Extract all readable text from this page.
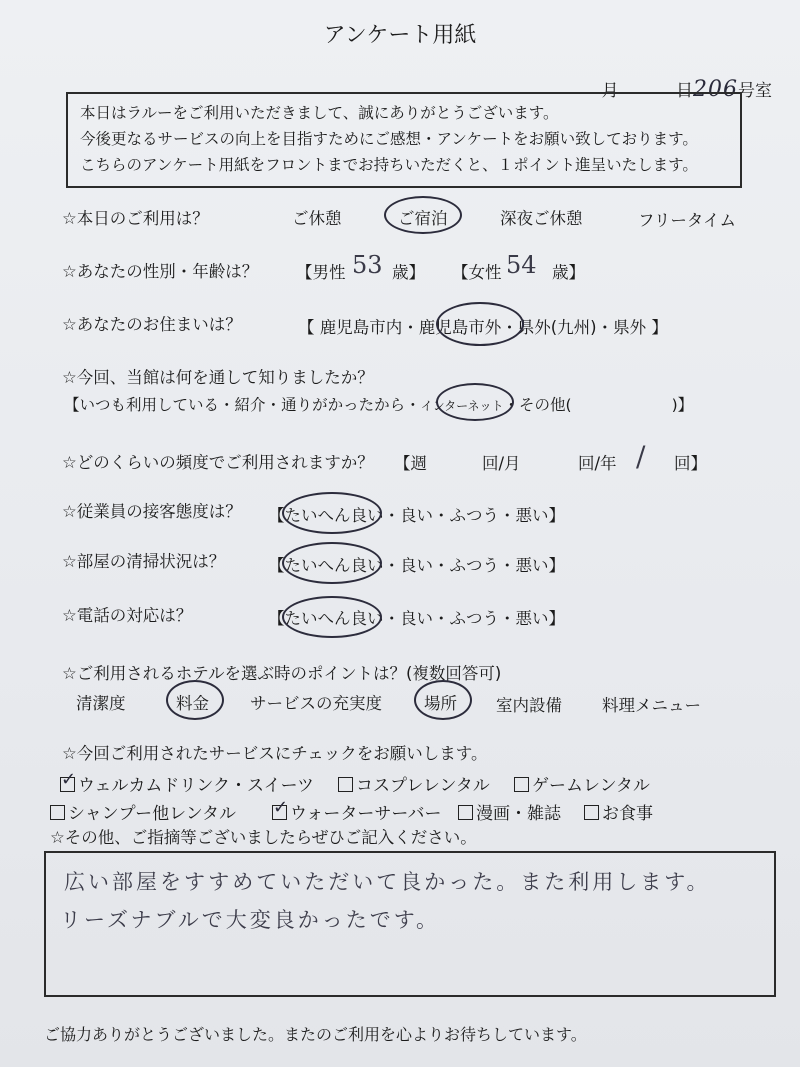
アンケート用紙
月	日206号室
本日はラルーをご利用いただきまして、誠にありがとうございます。
今後更なるサービスの向上を目指すためにご感想・アンケートをお願い致しております。
こちらのアンケート用紙をフロントまでお持ちいただくと、１ポイント進呈いたします。
☆本日のご利用は？	ご休憩	ご宿泊	深夜ご休憩	フリータイム
☆あなたの性別・年齢は？ 【男性 53 歳】 【女性 54 歳】
☆あなたのお住まいは？	【 鹿児島市内・鹿児島市外・県外(九州)・県外 】
☆今回、当館は何を通して知りましたか？
【いつも利用している・紹介・通りがかったから・インターネット・その他(	)】
☆どのくらいの頻度でご利用されますか？ 【週	回/月	回/年 / 回】
☆従業員の接客態度は？ 【たいへん良い・良い・ふつう・悪い】
☆部屋の清掃状況は？	【たいへん良い・良い・ふつう・悪い】
☆電話の対応は？	【たいへん良い・良い・ふつう・悪い】
☆ご利用されるホテルを選ぶ時のポイントは？(複数回答可)
清潔度	料金 サービスの充実度	場所 室内設備 料理メニュー
☆今回ご利用されたサービスにチェックをお願いします。
✓ウェルカムドリンク・スイーツ	コスプレレンタル	ゲームレンタル
シャンプー他レンタル
✓	ウォーターサーバー	漫画・雑誌	お食事
☆その他、ご指摘等ございましたらぜひご記入ください。
広い部屋をすすめていただいて良かった。また利用します。
リーズナブルで大変良かったです。
ご協力ありがとうございました。またのご利用を心よりお待ちしています。
